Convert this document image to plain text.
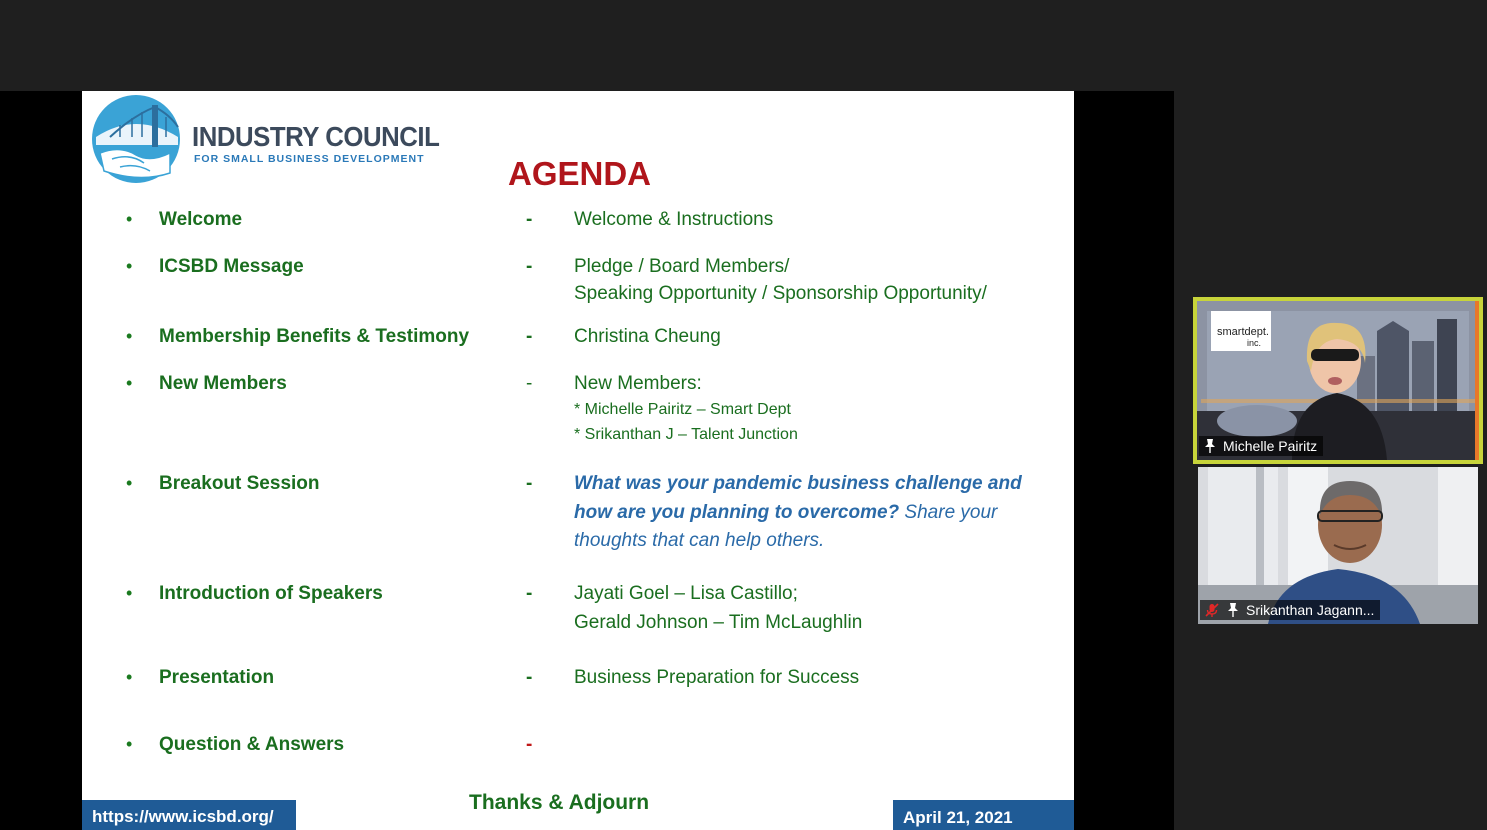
INDUSTRY COUNCIL
FOR SMALL BUSINESS DEVELOPMENT	AGENDA
• Welcome	- Welcome & Instructions
• ICSBD Message	- Pledge / Board Members/
Speaking Opportunity / Sponsorship Opportunity/
• Membership Benefits & Testimony	- Christina Cheung
• New Members	- New Members:
* Michelle Pairitz – Smart Dept
* Srikanthan J – Talent Junction
• Breakout Session	- What was your pandemic business challenge and how are you planning to overcome? Share your thoughts that can help others.
• Introduction of Speakers	- Jayati Goel – Lisa Castillo;
Gerald Johnson – Tim McLaughlin
• Presentation	- Business Preparation for Success
• Question & Answers	-
Thanks & Adjourn
https://www.icsbd.org/	April 21, 2021
smartdept.
inc.
Michelle Pairitz
Srikanthan Jagann...
